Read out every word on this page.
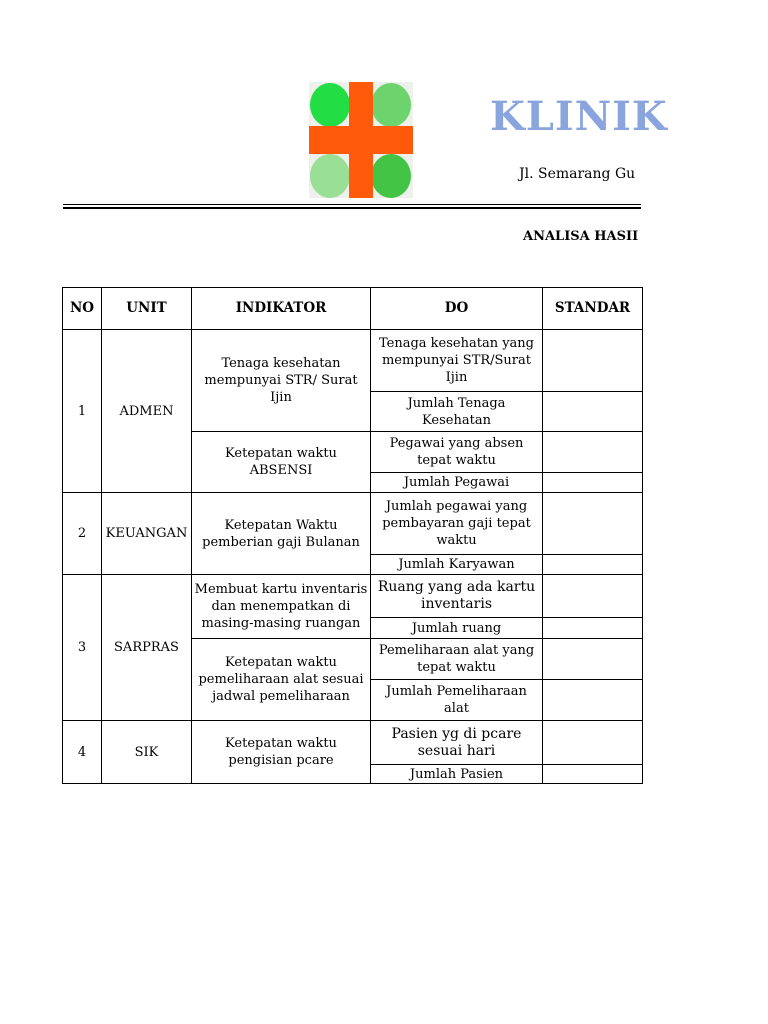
KLINIK
Jl. Semarang Gu
ANALISA HASII
NO	UNIT	INDIKATOR	DO	STANDAR
1	ADMEN	Tenaga kesehatan mempunyai STR/ Surat Ijin	Tenaga kesehatan yang mempunyai STR/Surat Ijin	
			Jumlah Tenaga Kesehatan	
		Ketepatan waktu ABSENSI	Pegawai yang absen tepat waktu	
			Jumlah Pegawai	
2	KEUANGAN	Ketepatan Waktu pemberian gaji Bulanan	Jumlah pegawai yang pembayaran gaji tepat waktu	
			Jumlah Karyawan	
3	SARPRAS	Membuat kartu inventaris dan menempatkan di masing-masing ruangan	Ruang yang ada kartu inventaris	
			Jumlah ruang	
		Ketepatan waktu pemeliharaan alat sesuai jadwal pemeliharaan	Pemeliharaan alat yang tepat waktu	
			Jumlah Pemeliharaan alat	
4	SIK	Ketepatan waktu pengisian pcare	Pasien yg di pcare sesuai hari	
			Jumlah Pasien	
